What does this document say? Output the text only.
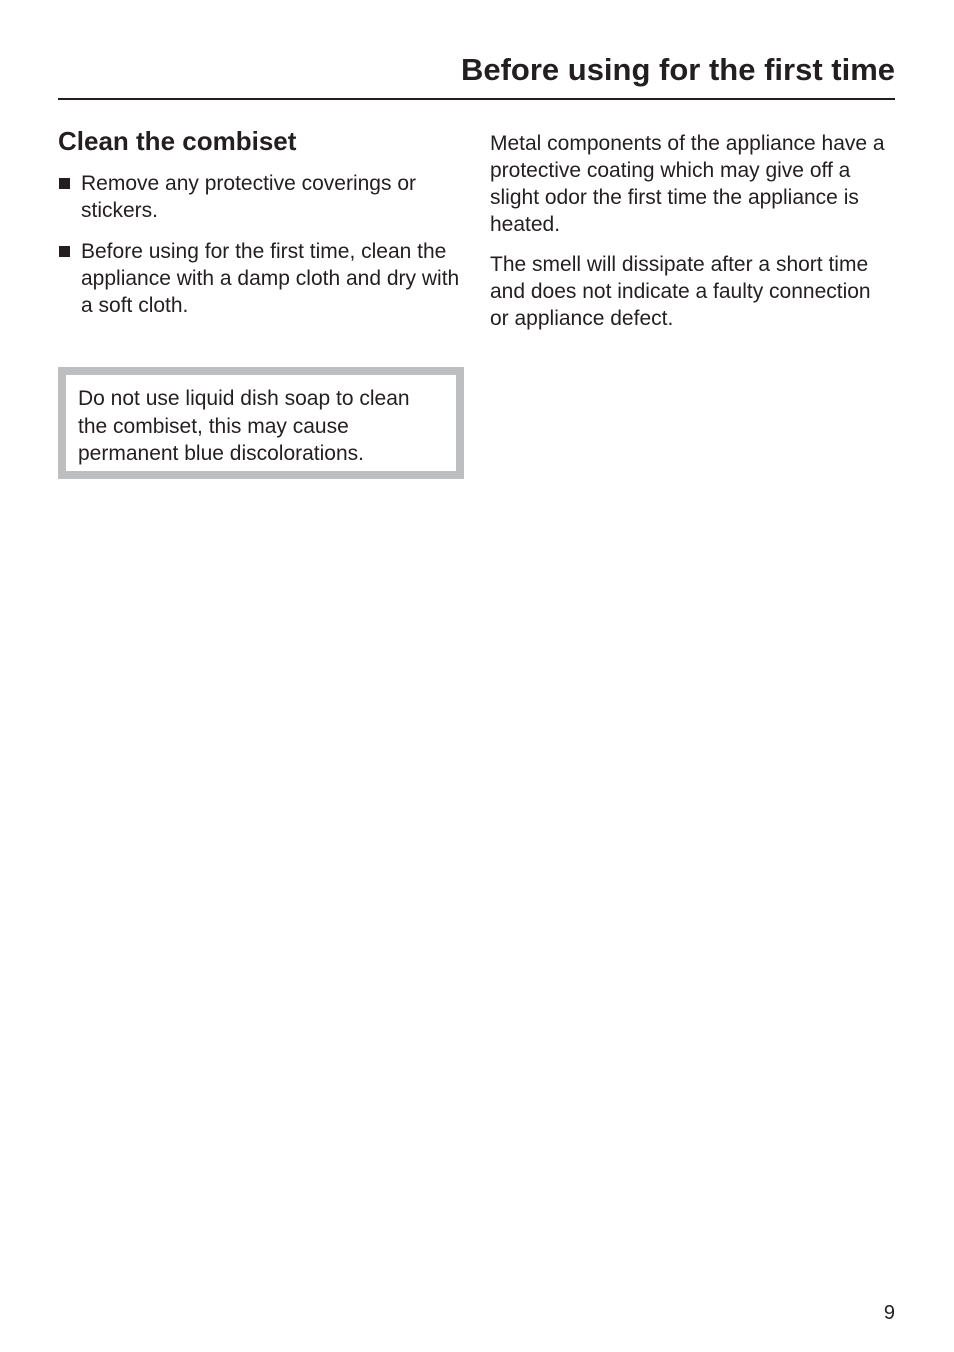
Before using for the first time
Clean the combiset
Remove any protective coverings or stickers.
Before using for the first time, clean the appliance with a damp cloth and dry with a soft cloth.
Do not use liquid dish soap to clean the combiset, this may cause permanent blue discolorations.

Metal components of the appliance have a protective coating which may give off a slight odor the first time the appliance is heated.

The smell will dissipate after a short time and does not indicate a faulty connection or appliance defect.

9
